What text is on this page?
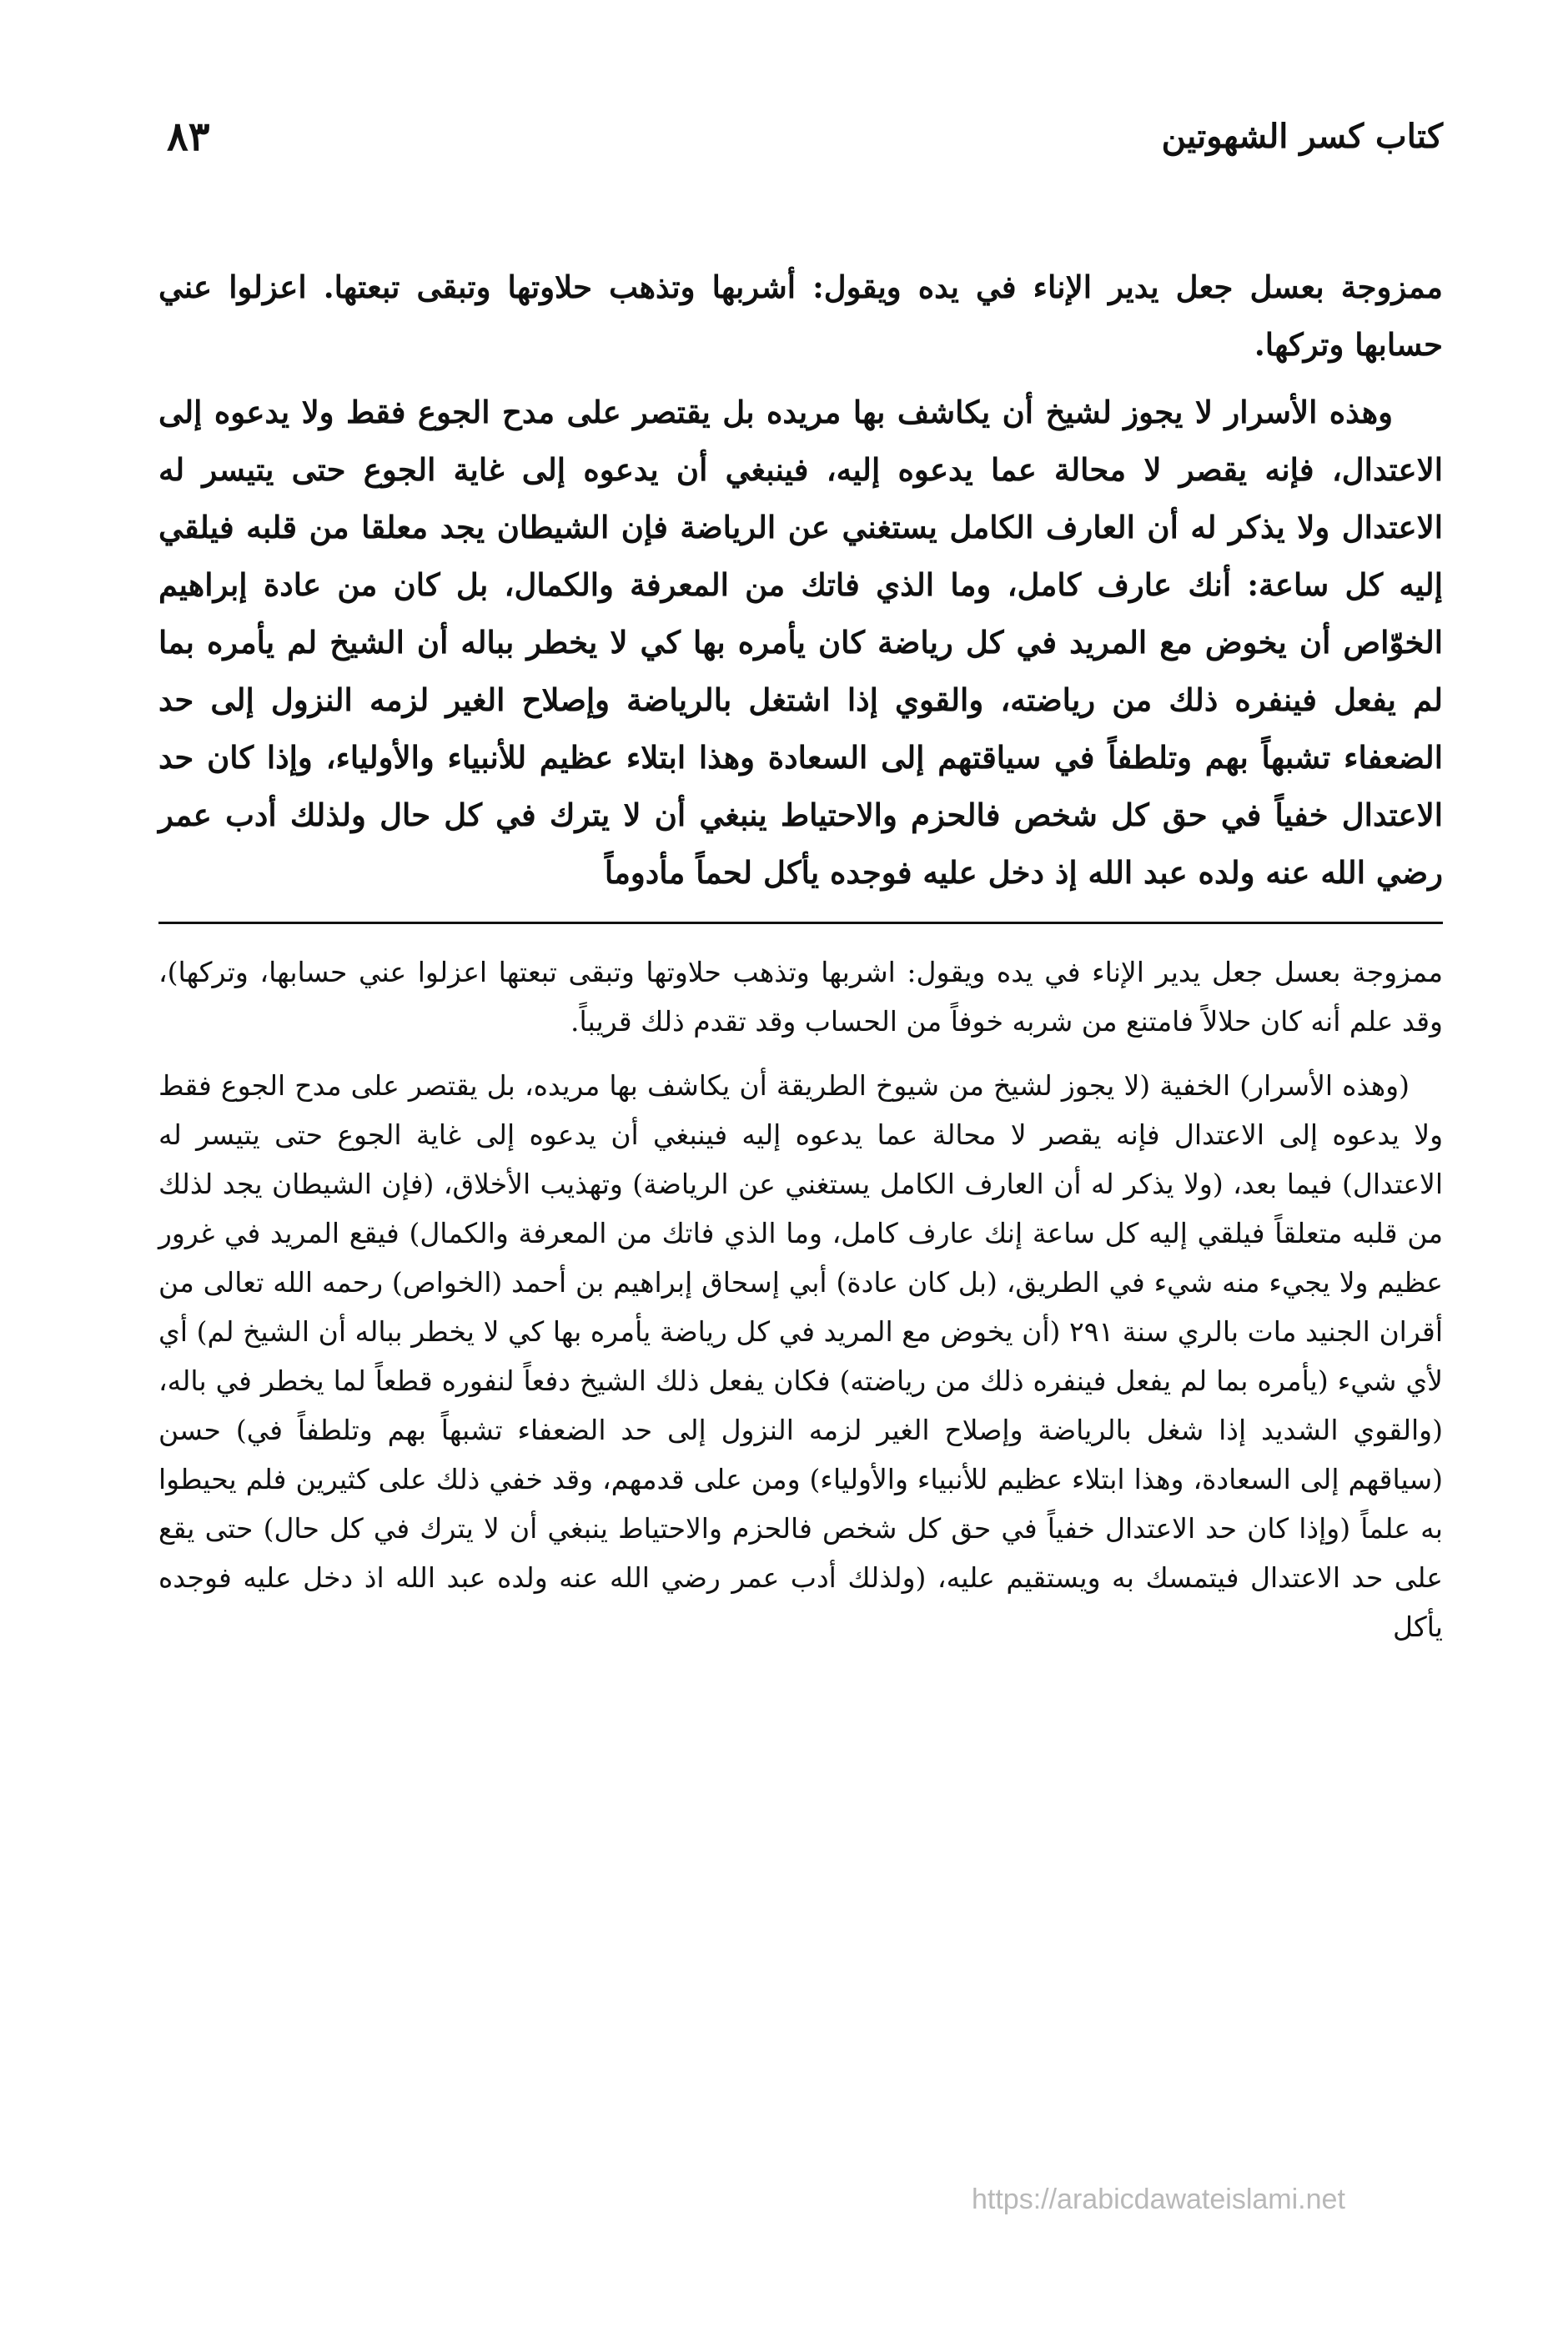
كتاب كسر الشهوتين
٨٣

ممزوجة بعسل جعل يدير الإناء في يده ويقول: أشربها وتذهب حلاوتها وتبقى تبعتها. اعزلوا عني حسابها وتركها.

وهذه الأسرار لا يجوز لشيخ أن يكاشف بها مريده بل يقتصر على مدح الجوع فقط ولا يدعوه إلى الاعتدال، فإنه يقصر لا محالة عما يدعوه إليه، فينبغي أن يدعوه إلى غاية الجوع حتى يتيسر له الاعتدال ولا يذكر له أن العارف الكامل يستغني عن الرياضة فإن الشيطان يجد معلقا من قلبه فيلقي إليه كل ساعة: أنك عارف كامل، وما الذي فاتك من المعرفة والكمال، بل كان من عادة إبراهيم الخوّاص أن يخوض مع المريد في كل رياضة كان يأمره بها كي لا يخطر بباله أن الشيخ لم يأمره بما لم يفعل فينفره ذلك من رياضته، والقوي إذا اشتغل بالرياضة وإصلاح الغير لزمه النزول إلى حد الضعفاء تشبهاً بهم وتلطفاً في سياقتهم إلى السعادة وهذا ابتلاء عظيم للأنبياء والأولياء، وإذا كان حد الاعتدال خفياً في حق كل شخص فالحزم والاحتياط ينبغي أن لا يترك في كل حال ولذلك أدب عمر رضي الله عنه ولده عبد الله إذ دخل عليه فوجده يأكل لحماً مأدوماً

ممزوجة بعسل جعل يدير الإناء في يده ويقول: اشربها وتذهب حلاوتها وتبقى تبعتها اعزلوا عني حسابها، وتركها)، وقد علم أنه كان حلالاً فامتنع من شربه خوفاً من الحساب وقد تقدم ذلك قريباً.

(وهذه الأسرار) الخفية (لا يجوز لشيخ من شيوخ الطريقة أن يكاشف بها مريده، بل يقتصر على مدح الجوع فقط ولا يدعوه إلى الاعتدال فإنه يقصر لا محالة عما يدعوه إليه فينبغي أن يدعوه إلى غاية الجوع حتى يتيسر له الاعتدال) فيما بعد، (ولا يذكر له أن العارف الكامل يستغني عن الرياضة) وتهذيب الأخلاق، (فإن الشيطان يجد لذلك من قلبه متعلقاً فيلقي إليه كل ساعة إنك عارف كامل، وما الذي فاتك من المعرفة والكمال) فيقع المريد في غرور عظيم ولا يجيء منه شيء في الطريق، (بل كان عادة) أبي إسحاق إبراهيم بن أحمد (الخواص) رحمه الله تعالى من أقران الجنيد مات بالري سنة ٢٩١ (أن يخوض مع المريد في كل رياضة يأمره بها كي لا يخطر بباله أن الشيخ لم) أي لأي شيء (يأمره بما لم يفعل فينفره ذلك من رياضته) فكان يفعل ذلك الشيخ دفعاً لنفوره قطعاً لما يخطر في باله، (والقوي الشديد إذا شغل بالرياضة وإصلاح الغير لزمه النزول إلى حد الضعفاء تشبهاً بهم وتلطفاً في) حسن (سياقهم إلى السعادة، وهذا ابتلاء عظيم للأنبياء والأولياء) ومن على قدمهم، وقد خفي ذلك على كثيرين فلم يحيطوا به علماً (وإذا كان حد الاعتدال خفياً في حق كل شخص فالحزم والاحتياط ينبغي أن لا يترك في كل حال) حتى يقع على حد الاعتدال فيتمسك به ويستقيم عليه، (ولذلك أدب عمر رضي الله عنه ولده عبد الله اذ دخل عليه فوجده يأكل

https://arabicdawateislami.net
